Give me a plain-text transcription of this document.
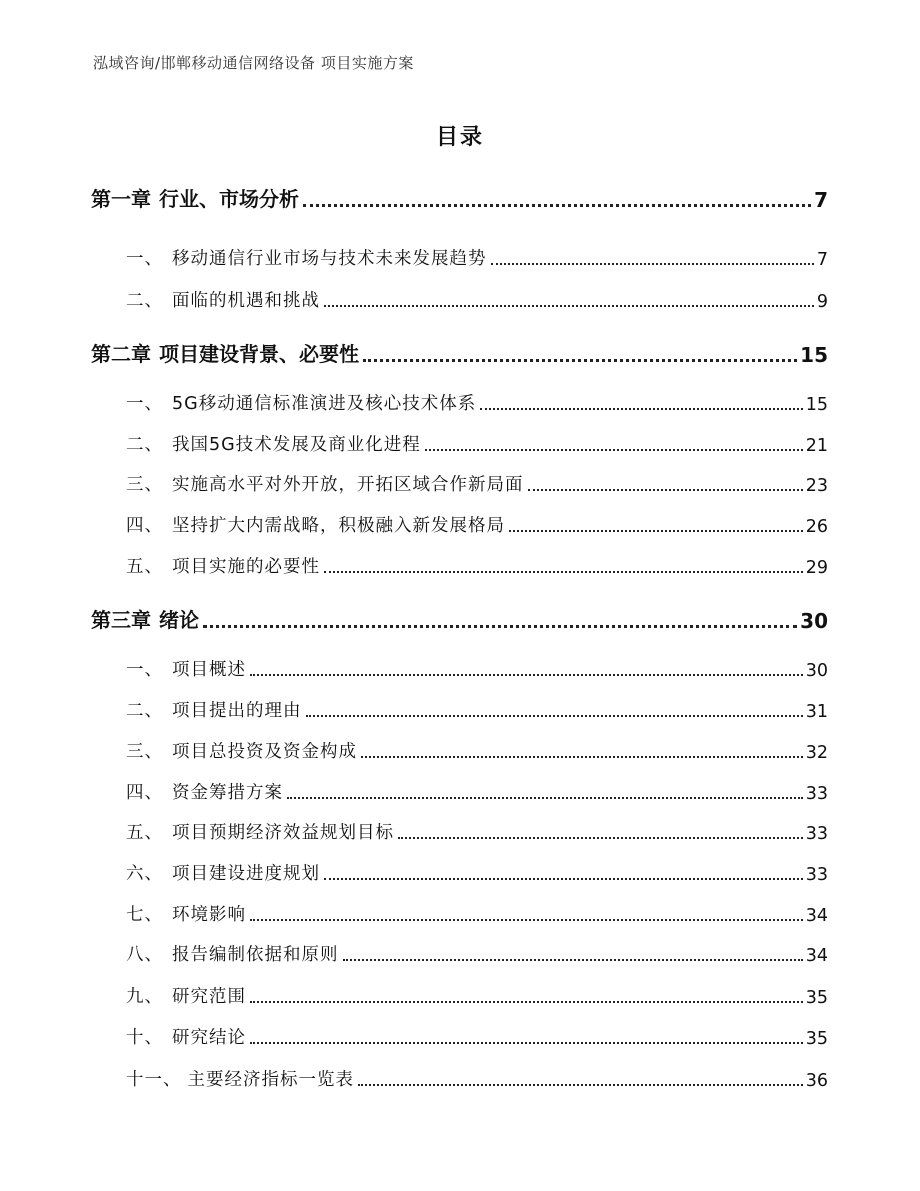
泓域咨询/邯郸移动通信网络设备 项目实施方案
目录
第一章 行业、市场分析	7
一、 移动通信行业市场与技术未来发展趋势	7
二、 面临的机遇和挑战	9
第二章 项目建设背景、必要性	15
一、 5G移动通信标准演进及核心技术体系	15
二、 我国5G技术发展及商业化进程	21
三、 实施高水平对外开放，开拓区域合作新局面	23
四、 坚持扩大内需战略，积极融入新发展格局	26
五、 项目实施的必要性	29
第三章 绪论	30
一、 项目概述	30
二、 项目提出的理由	31
三、 项目总投资及资金构成	32
四、 资金筹措方案	33
五、 项目预期经济效益规划目标	33
六、 项目建设进度规划	33
七、 环境影响	34
八、 报告编制依据和原则	34
九、 研究范围	35
十、 研究结论	35
十一、 主要经济指标一览表	36
